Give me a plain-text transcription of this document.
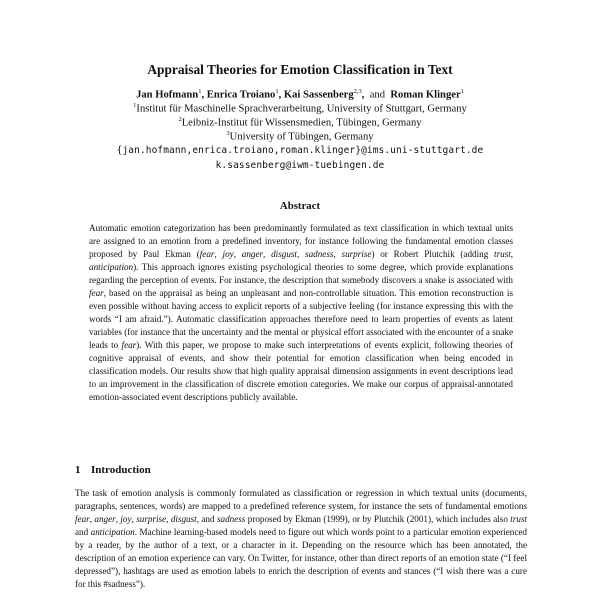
Appraisal Theories for Emotion Classification in Text
Jan Hofmann$^1$, Enrica Troiano$^1$, Kai Sassenberg$^{2,3}$, and Roman Klinger$^1$
$^1$Institut für Maschinelle Sprachverarbeitung, University of Stuttgart, Germany
$^2$Leibniz-Institut für Wissensmedien, Tübingen, Germany
$^3$University of Tübingen, Germany
{jan.hofmann,enrica.troiano,roman.klinger}@ims.uni-stuttgart.de
k.sassenberg@iwm-tuebingen.de
Abstract
Automatic emotion categorization has been predominantly formulated as text classification in which textual units are assigned to an emotion from a predefined inventory, for instance following the fundamental emotion classes proposed by Paul Ekman (fear, joy, anger, disgust, sadness, surprise) or Robert Plutchik (adding trust, anticipation). This approach ignores existing psychological theories to some degree, which provide explanations regarding the perception of events. For instance, the description that somebody discovers a snake is associated with fear, based on the appraisal as being an unpleasant and non-controllable situation. This emotion reconstruction is even possible without having access to explicit reports of a subjective feeling (for instance expressing this with the words “I am afraid.”). Automatic classification approaches therefore need to learn properties of events as latent variables (for instance that the uncertainty and the mental or physical effort associated with the encounter of a snake leads to fear). With this paper, we propose to make such interpretations of events explicit, following theories of cognitive appraisal of events, and show their potential for emotion classification when being encoded in classification models. Our results show that high quality appraisal dimension assignments in event descriptions lead to an improvement in the classification of discrete emotion categories. We make our corpus of appraisal-annotated emotion-associated event descriptions publicly available.
1 Introduction
The task of emotion analysis is commonly formulated as classification or regression in which textual units (documents, paragraphs, sentences, words) are mapped to a predefined reference system, for instance the sets of fundamental emotions fear, anger, joy, surprise, disgust, and sadness proposed by Ekman (1999), or by Plutchik (2001), which includes also trust and anticipation. Machine learning-based models need to figure out which words point to a particular emotion experienced by a reader, by the author of a text, or a character in it. Depending on the resource which has been annotated, the description of an emotion experience can vary. On Twitter, for instance, other than direct reports of an emotion state (“I feel depressed”), hashtags are used as emotion labels to enrich the description of events and stances (“I wish there was a cure for this #sadness”).
